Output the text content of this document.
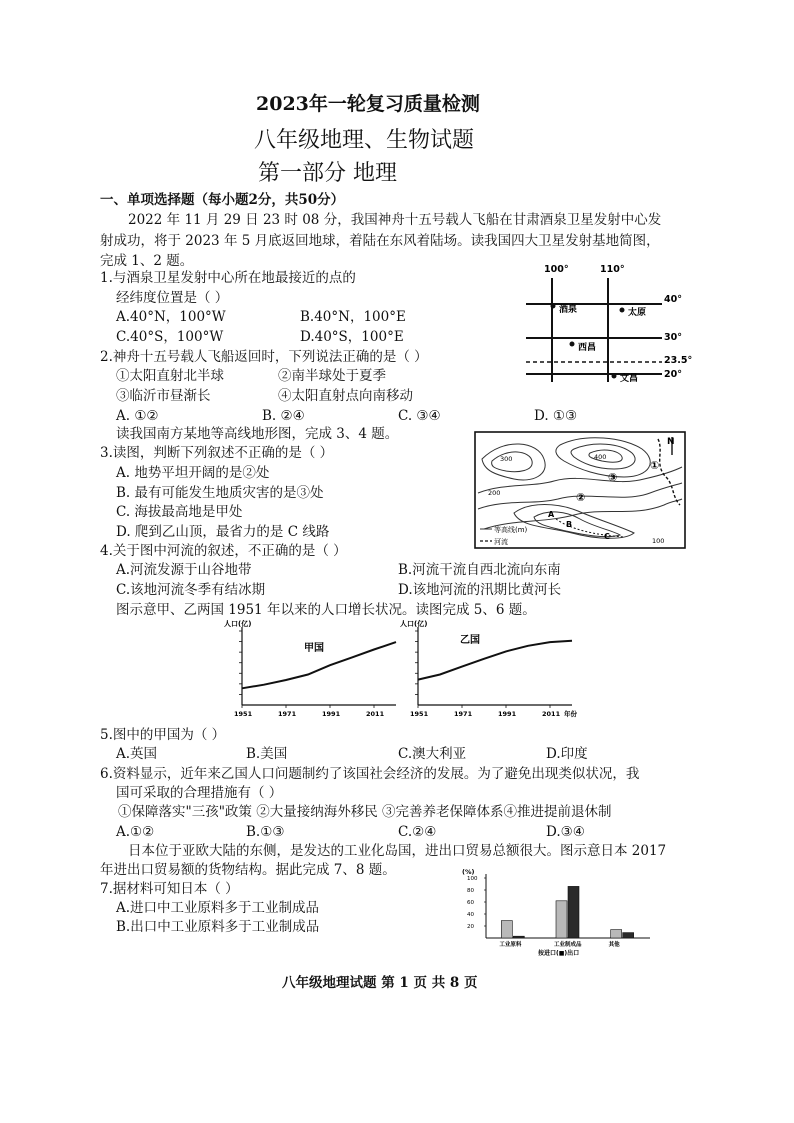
2023年一轮复习质量检测
八年级地理、生物试题
第一部分 地理
一、单项选择题（每小题2分，共50分）
2022 年 11 月 29 日 23 时 08 分，我国神舟十五号载人飞船在甘肃酒泉卫星发射中心发
射成功，将于 2023 年 5 月底返回地球，着陆在东风着陆场。读我国四大卫星发射基地简图，
完成 1、2 题。
1.与酒泉卫星发射中心所在地最接近的点的
经纬度位置是（ ）
A.40°N，100°W	B.40°N，100°E
C.40°S，100°W	D.40°S，100°E
2.神舟十五号载人飞船返回时，下列说法正确的是（ ）
①太阳直射北半球	②南半球处于夏季
③临沂市昼渐长	④太阳直射点向南移动
A. ①②	B. ②④	C. ③④	D. ①③
100°	110°
40°
30°
23.5°
20°
酒泉	太原
西昌
文昌
读我国南方某地等高线地形图，完成 3、4 题。
3.读图，判断下列叙述不正确的是（ ）
A. 地势平坦开阔的是②处
B. 最有可能发生地质灾害的是③处
C. 海拔最高地是甲处
D. 爬到乙山顶，最省力的是 C 线路
N
①
②
③
A
B
C
300	400
200
100
等高线(m)
河流
4.关于图中河流的叙述，不正确的是（ ）
A.河流发源于山谷地带	B.河流干流自西北流向东南
C.该地河流冬季有结冰期	D.该地河流的汛期比黄河长
图示意甲、乙两国 1951 年以来的人口增长状况。读图完成 5、6 题。
人口(亿)
1951	1971	1991	2011
甲国
人口(亿)
1951	1971	1991	2011 年份
乙国
5.图中的甲国为（ ）
A.英国	B.美国	C.澳大利亚	D.印度
6.资料显示，近年来乙国人口问题制约了该国社会经济的发展。为了避免出现类似状况，我
国可采取的合理措施有（ ）
①保障落实"三孩"政策 ②大量接纳海外移民 ③完善养老保障体系④推进提前退休制
A.①②	B.①③	C.②④	D.③④
日本位于亚欧大陆的东侧，是发达的工业化岛国，进出口贸易总额很大。图示意日本 2017
年进出口贸易额的货物结构。据此完成 7、8 题。
7.据材料可知日本（ ）
A.进口中工业原料多于工业制成品
B.出口中工业原料多于工业制成品
(%)
20
40
60
80
100
工业原料	工业制成品	其他
按进口(■)出口
八年级地理试题 第 1 页 共 8 页
